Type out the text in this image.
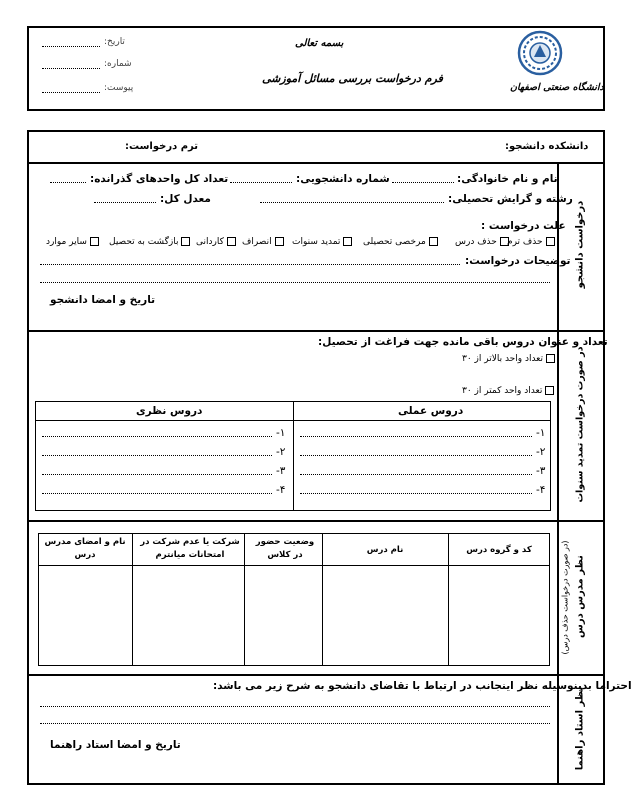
دانشگاه صنعتی اصفهان
بسمه تعالی
فرم درخواست بررسی مسائل آموزشی
تاریخ:
شماره:
پیوست:
دانشکده دانشجو:
ترم درخواست:
درخواست دانشجو
نام و نام خانوادگی:
شماره دانشجویی:
تعداد کل واحدهای گذرانده:
رشته و گرایش تحصیلی:
معدل کل:
علت درخواست :
حذف ترم
حذف درس
مرخصی تحصیلی
تمدید سنوات
انصراف
کاردانی
بازگشت به تحصیل
سایر موارد
توضیحات درخواست:
تاریخ و امضا دانشجو
در صورت درخواست تمدید سنوات
تعداد و عنوان دروس باقی مانده جهت فراغت از تحصیل:
تعداد واحد بالاتر از ۳۰
تعداد واحد کمتر از ۳۰
دروس عملی
دروس نظری
۱-
۲-
۳-
۴-
۱-
۲-
۳-
۴-
نظر مدرس درس
(در صورت درخواست حذف درس)
کد و گروه درس
نام درس
وضعیت حضور در کلاس
شرکت یا عدم شرکت در امتحانات میانترم
نام و امضای مدرس درس
نظر استاد راهنما
احتراما بدینوسیله نظر اینجانب در ارتباط با تقاضای دانشجو به شرح زیر می باشد:
تاریخ و امضا استاد راهنما
